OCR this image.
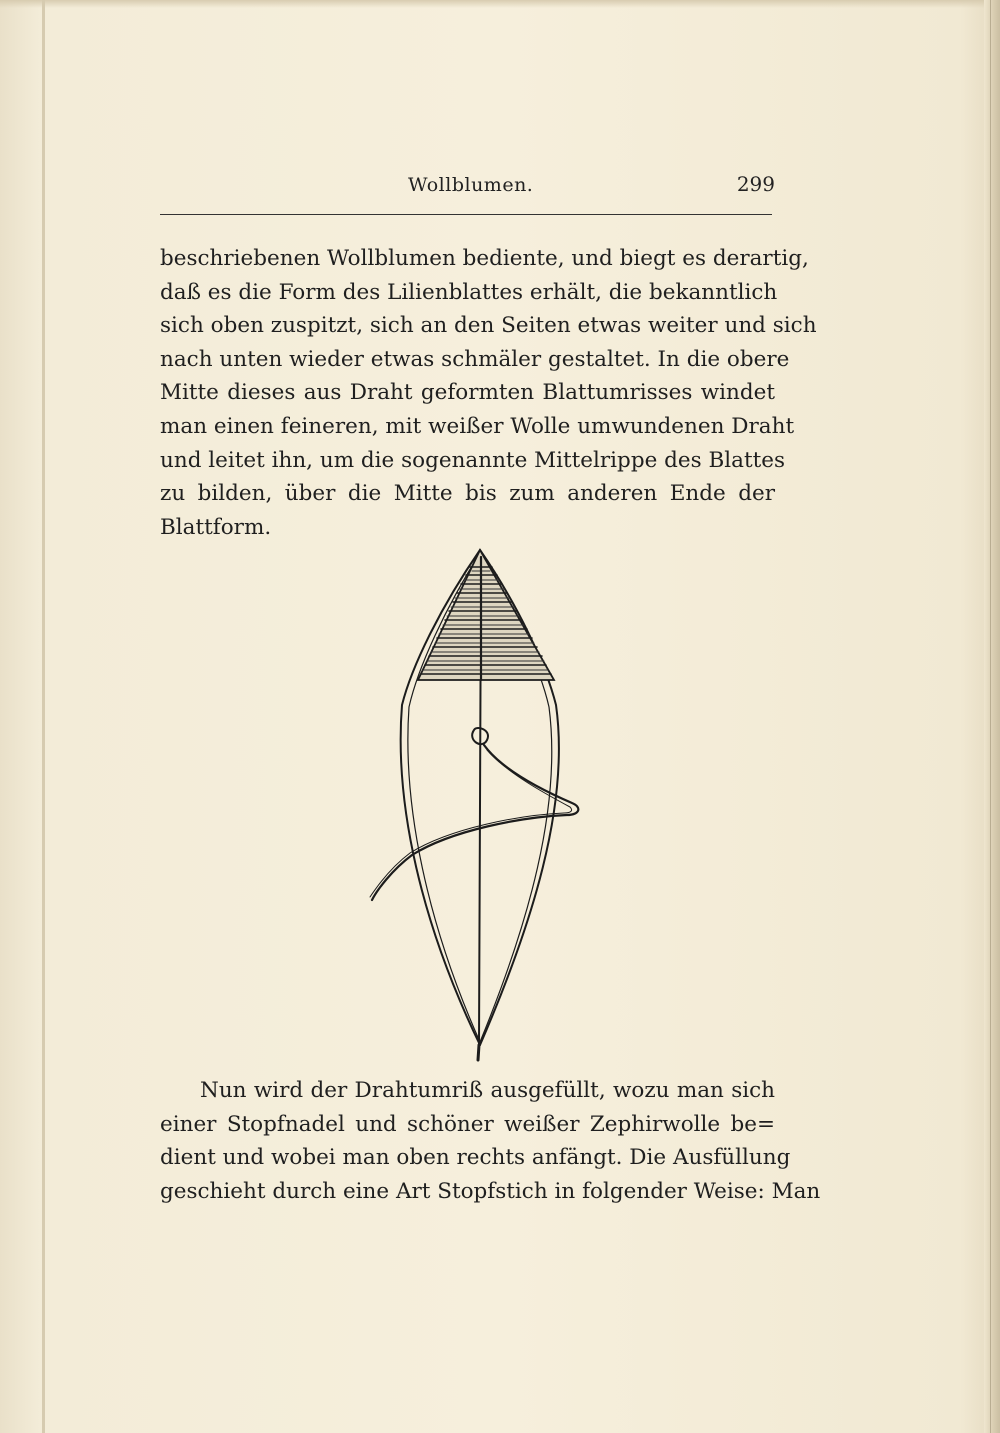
Wollblumen.	299
beschriebenen Wollblumen bediente, und biegt es derartig,
daß es die Form des Lilienblattes erhält, die bekanntlich
sich oben zuspitzt, sich an den Seiten etwas weiter und sich
nach unten wieder etwas schmäler gestaltet. In die obere
Mitte dieses aus Draht geformten Blattumrisses windet
man einen feineren, mit weißer Wolle umwundenen Draht
und leitet ihn, um die sogenannte Mittelrippe des Blattes
zu bilden, über die Mitte bis zum anderen Ende der
Blattform.
Nun wird der Drahtumriß ausgefüllt, wozu man sich
einer Stopfnadel und schöner weißer Zephirwolle be=
dient und wobei man oben rechts anfängt. Die Ausfüllung
geschieht durch eine Art Stopfstich in folgender Weise: Man
